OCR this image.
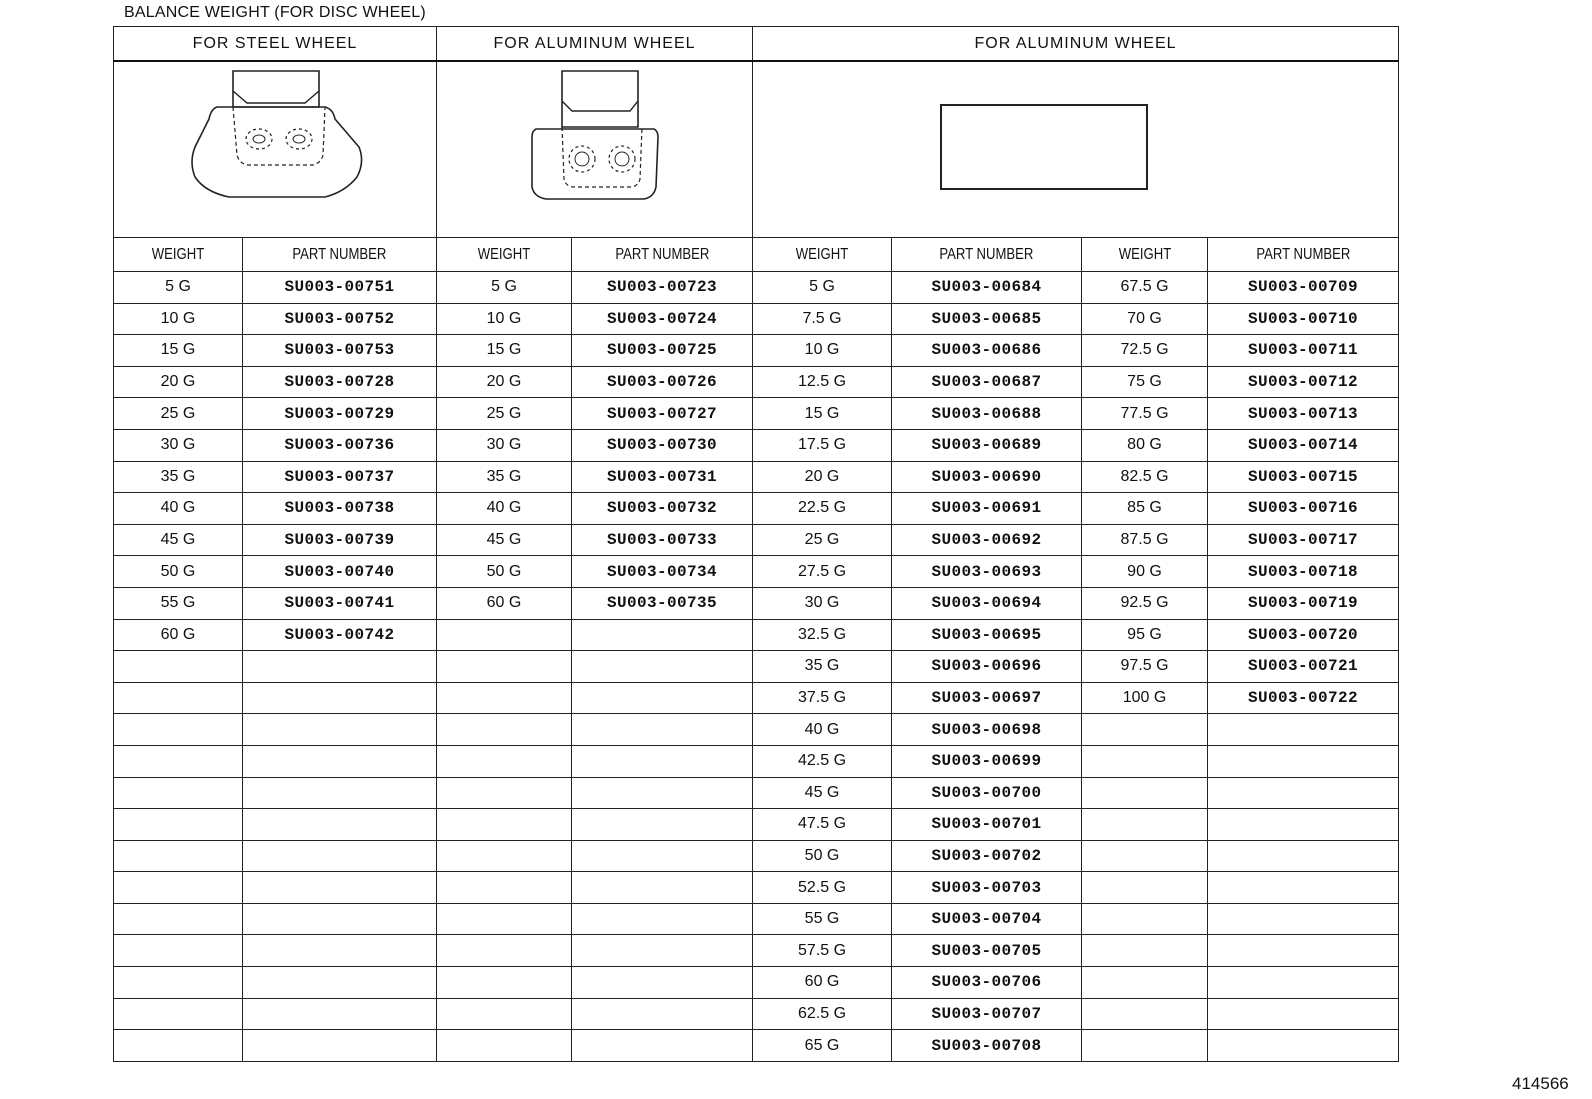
BALANCE WEIGHT (FOR DISC WHEEL)
FOR STEEL WHEEL		FOR ALUMINUM WHEEL		FOR ALUMINUM WHEEL			

WEIGHT	PART NUMBER	WEIGHT	PART NUMBER	WEIGHT	PART NUMBER	WEIGHT	PART NUMBER
5 G	SU003-00751	5 G	SU003-00723	5 G	SU003-00684	67.5 G	SU003-00709
10 G	SU003-00752	10 G	SU003-00724	7.5 G	SU003-00685	70 G	SU003-00710
15 G	SU003-00753	15 G	SU003-00725	10 G	SU003-00686	72.5 G	SU003-00711
20 G	SU003-00728	20 G	SU003-00726	12.5 G	SU003-00687	75 G	SU003-00712
25 G	SU003-00729	25 G	SU003-00727	15 G	SU003-00688	77.5 G	SU003-00713
30 G	SU003-00736	30 G	SU003-00730	17.5 G	SU003-00689	80 G	SU003-00714
35 G	SU003-00737	35 G	SU003-00731	20 G	SU003-00690	82.5 G	SU003-00715
40 G	SU003-00738	40 G	SU003-00732	22.5 G	SU003-00691	85 G	SU003-00716
45 G	SU003-00739	45 G	SU003-00733	25 G	SU003-00692	87.5 G	SU003-00717
50 G	SU003-00740	50 G	SU003-00734	27.5 G	SU003-00693	90 G	SU003-00718
55 G	SU003-00741	60 G	SU003-00735	30 G	SU003-00694	92.5 G	SU003-00719
60 G	SU003-00742			32.5 G	SU003-00695	95 G	SU003-00720
				35 G	SU003-00696	97.5 G	SU003-00721
				37.5 G	SU003-00697	100 G	SU003-00722
				40 G	SU003-00698		
				42.5 G	SU003-00699		
				45 G	SU003-00700		
				47.5 G	SU003-00701		
				50 G	SU003-00702		
				52.5 G	SU003-00703		
				55 G	SU003-00704		
				57.5 G	SU003-00705		
				60 G	SU003-00706		
				62.5 G	SU003-00707		
				65 G	SU003-00708		
414566
